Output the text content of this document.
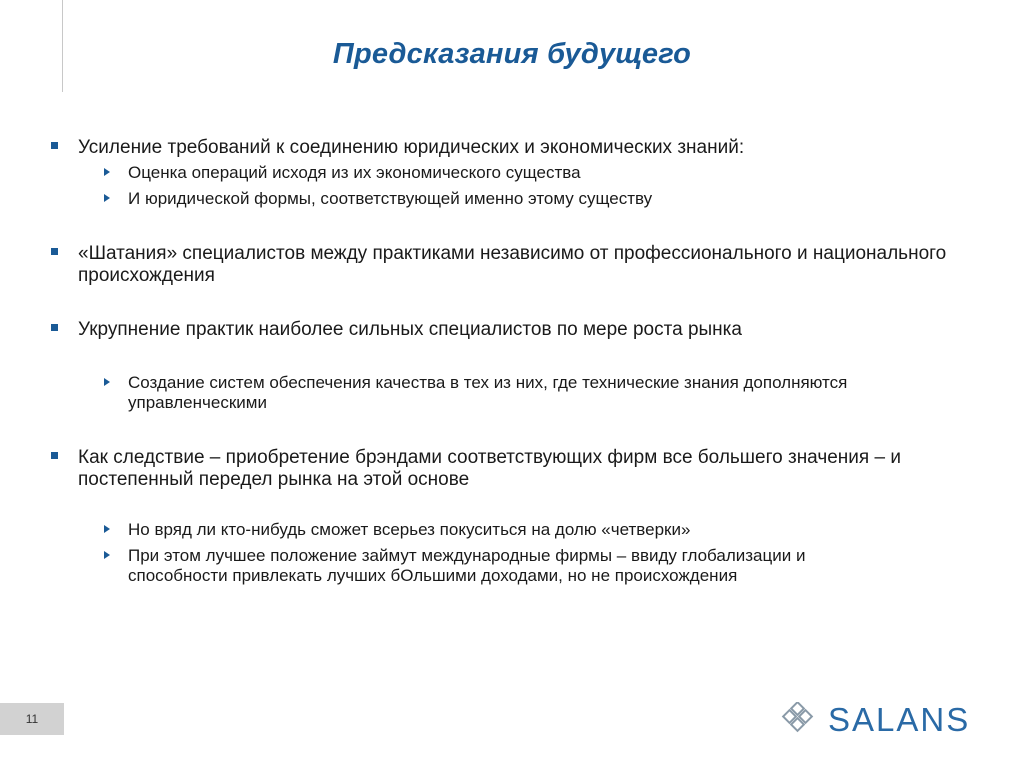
Предсказания будущего
Усиление требований к соединению юридических и экономических знаний:
Оценка операций исходя из их экономического существа
И юридической формы, соответствующей именно этому существу
«Шатания» специалистов между практиками независимо от профессионального и национального происхождения
Укрупнение практик наиболее сильных специалистов по мере роста рынка
Создание систем обеспечения качества в тех из них, где технические знания дополняются управленческими
Как следствие – приобретение брэндами соответствующих фирм все большего значения – и постепенный передел рынка на этой основе
Но вряд ли кто-нибудь сможет всерьез покуситься на долю «четверки»
При этом лучшее положение займут международные фирмы – ввиду глобализации и способности привлекать лучших бОльшими доходами, но не происхождения
11	SALANS
